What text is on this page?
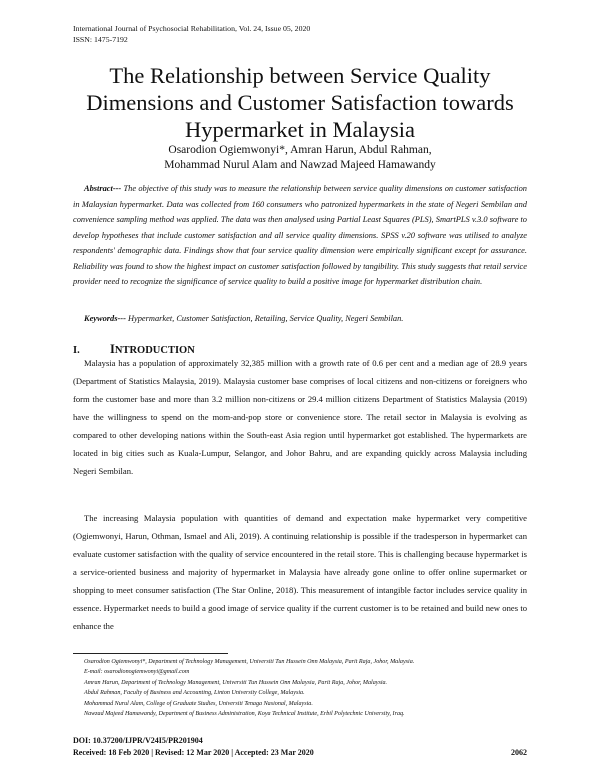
International Journal of Psychosocial Rehabilitation, Vol. 24, Issue 05, 2020
ISSN: 1475-7192
The Relationship between Service Quality
Dimensions and Customer Satisfaction towards
Hypermarket in Malaysia
Osarodion Ogiemwonyi*, Amran Harun, Abdul Rahman,
Mohammad Nurul Alam and Nawzad Majeed Hamawandy

Abstract--- The objective of this study was to measure the relationship between service quality dimensions on customer satisfaction in Malaysian hypermarket. Data was collected from 160 consumers who patronized hypermarkets in the state of Negeri Sembilan and convenience sampling method was applied. The data was then analysed using Partial Least Squares (PLS), SmartPLS v.3.0 software to develop hypotheses that include customer satisfaction and all service quality dimensions. SPSS v.20 software was utilised to analyze respondents' demographic data. Findings show that four service quality dimension were empirically significant except for assurance. Reliability was found to show the highest impact on customer satisfaction followed by tangibility. This study suggests that retail service provider need to recognize the significance of service quality to build a positive image for hypermarket distribution chain.

Keywords--- Hypermarket, Customer Satisfaction, Retailing, Service Quality, Negeri Sembilan.

I. INTRODUCTION

Malaysia has a population of approximately 32,385 million with a growth rate of 0.6 per cent and a median age of 28.9 years (Department of Statistics Malaysia, 2019). Malaysia customer base comprises of local citizens and non-citizens or foreigners who form the customer base and more than 3.2 million non-citizens or 29.4 million citizens Department of Statistics Malaysia (2019) have the willingness to spend on the mom-and-pop store or convenience store. The retail sector in Malaysia is evolving as compared to other developing nations within the South-east Asia region until hypermarket got established. The hypermarkets are located in big cities such as Kuala-Lumpur, Selangor, and Johor Bahru, and are expanding quickly across Malaysia including Negeri Sembilan.

The increasing Malaysia population with quantities of demand and expectation make hypermarket very competitive (Ogiemwonyi, Harun, Othman, Ismael and Ali, 2019). A continuing relationship is possible if the tradesperson in hypermarket can evaluate customer satisfaction with the quality of service encountered in the retail store. This is challenging because hypermarket is a service-oriented business and majority of hypermarket in Malaysia have already gone online to offer online supermarket or shopping to meet consumer satisfaction (The Star Online, 2018). This measurement of intangible factor includes service quality in essence. Hypermarket needs to build a good image of service quality if the current customer is to be retained and build new ones to enhance the

Osarodion Ogiemwonyi*, Department of Technology Management, Universiti Tun Hussein Onn Malaysia, Parit Raja, Johor, Malaysia.
E-mail: osarodionogiemwonyi@gmail.com
Amran Harun, Department of Technology Management, Universiti Tun Hussein Onn Malaysia, Parit Raja, Johor, Malaysia.
Abdul Rahman, Faculty of Business and Accounting, Linton University College, Malaysia.
Mohammad Nurul Alam, College of Graduate Studies, Universiti Tenaga Nasional, Malaysia.
Nawzad Majeed Hamawandy, Department of Business Administration, Koya Technical Institute, Erbil Polytechnic University, Iraq.
DOI: 10.37200/IJPR/V24I5/PR201904
Received: 18 Feb 2020 | Revised: 12 Mar 2020 | Accepted: 23 Mar 2020	2062
